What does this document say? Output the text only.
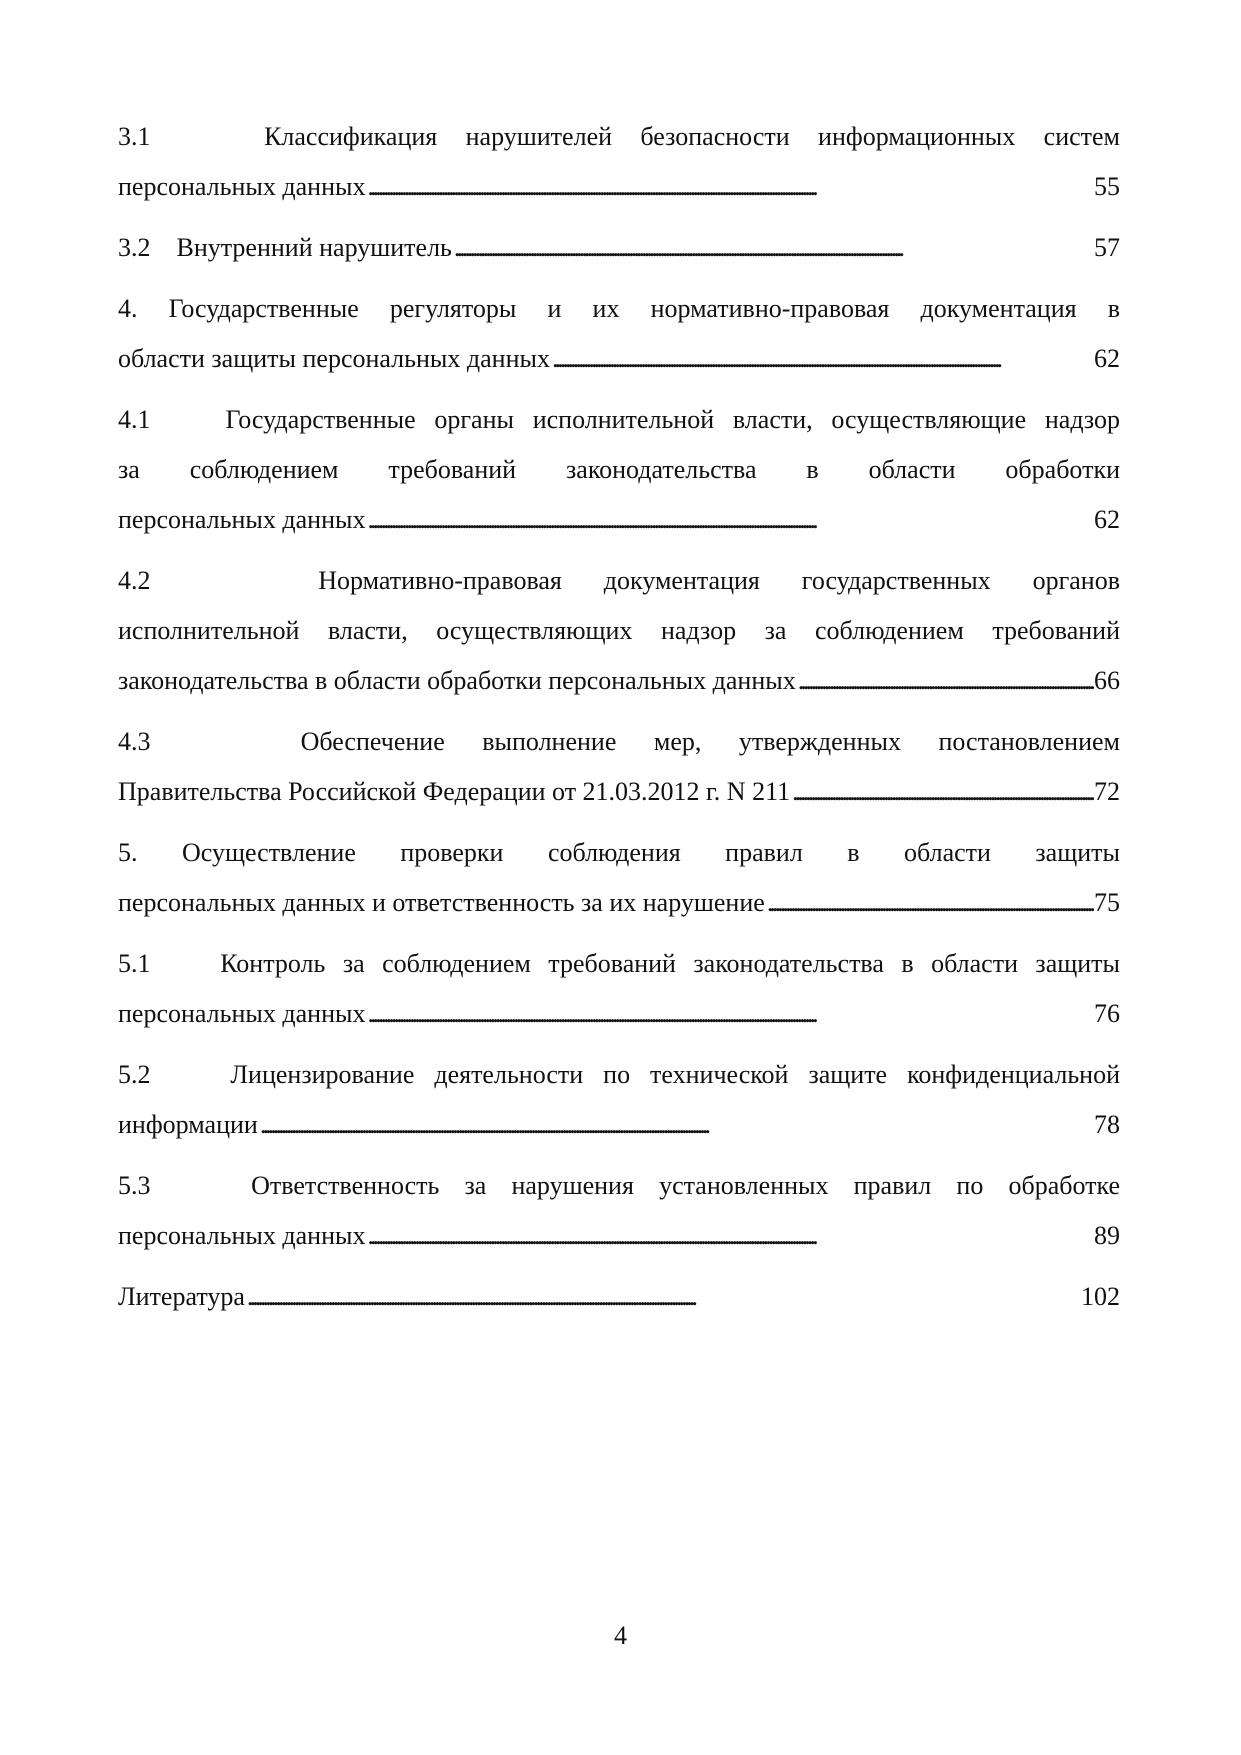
3.1    Классификация нарушителей безопасности информационных систем
персональных данных . . .	55
3.2    Внутренний нарушитель . . .	57
4. Государственные регуляторы и их нормативно-правовая документация в
области защиты персональных данных . . .	62
4.1    Государственные органы исполнительной власти, осуществляющие надзор
за соблюдением требований законодательства в области обработки
персональных данных . . .	62
4.2    Нормативно-правовая документация государственных органов
исполнительной власти, осуществляющих надзор за соблюдением требований
законодательства в области обработки персональных данных . . .	66
4.3    Обеспечение выполнение мер, утвержденных постановлением
Правительства Российской Федерации от 21.03.2012 г. N 211 . . .	72
5. Осуществление проверки соблюдения правил в области защиты
персональных данных и ответственность за их нарушение . . .	75
5.1    Контроль за соблюдением требований законодательства в области защиты
персональных данных . . .	76
5.2    Лицензирование деятельности по технической защите конфиденциальной
информации . . .	78
5.3    Ответственность за нарушения установленных правил по обработке
персональных данных . . .	89
Литература . . .	102
4
